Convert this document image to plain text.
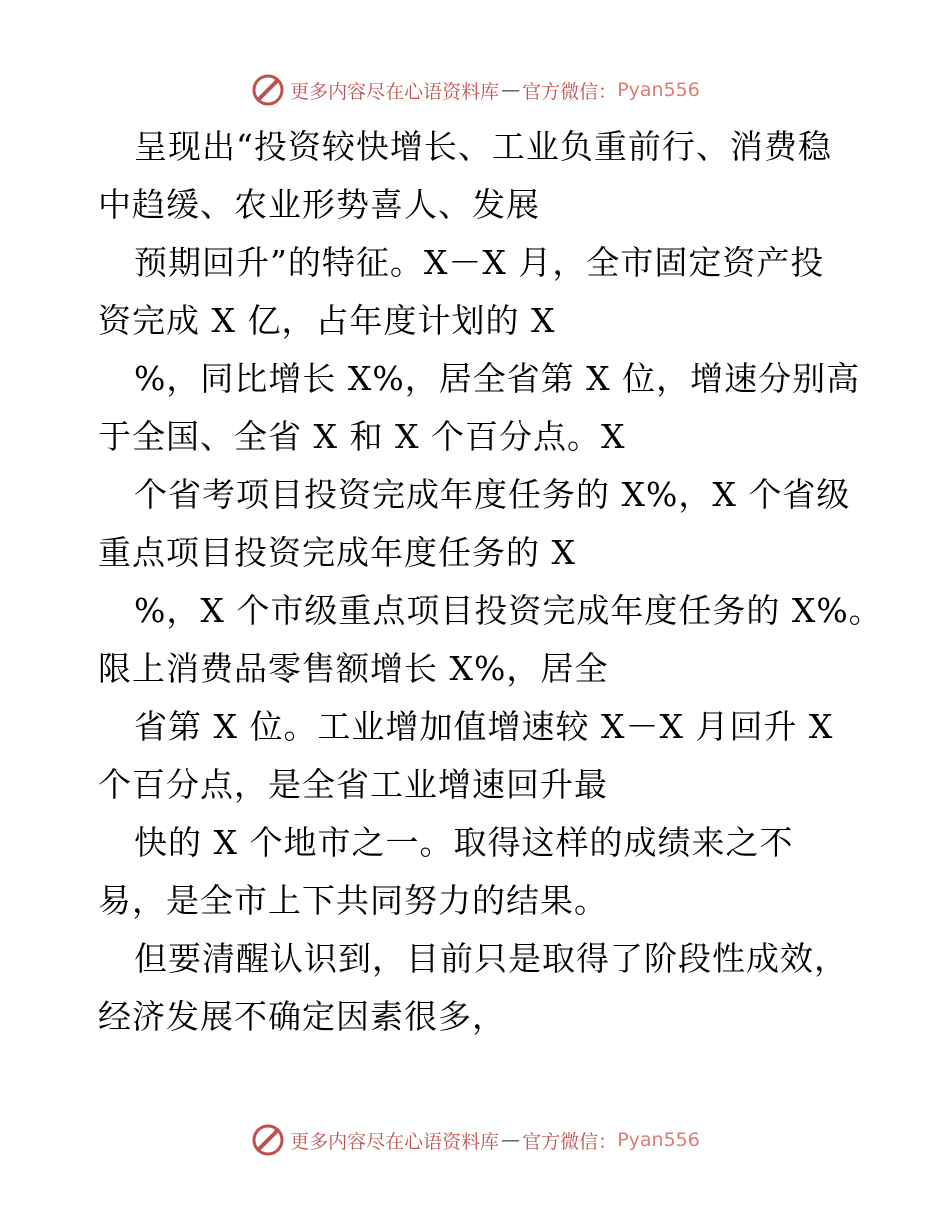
更多内容尽在心语资料库 — 官方微信： Pyan556

呈现出“投资较快增长、工业负重前行、消费稳
中趋缓、农业形势喜人、发展

预期回升”的特征。X－X 月，全市固定资产投
资完成 X 亿，占年度计划的 X

%，同比增长 X%，居全省第 X 位，增速分别高
于全国、全省 X 和 X 个百分点。X

个省考项目投资完成年度任务的 X%，X 个省级
重点项目投资完成年度任务的 X

%，X 个市级重点项目投资完成年度任务的 X%。
限上消费品零售额增长 X%，居全

省第 X 位。工业增加值增速较 X－X 月回升 X
个百分点，是全省工业增速回升最

快的 X 个地市之一。取得这样的成绩来之不
易，是全市上下共同努力的结果。

但要清醒认识到，目前只是取得了阶段性成效，
经济发展不确定因素很多，

更多内容尽在心语资料库 — 官方微信： Pyan556
